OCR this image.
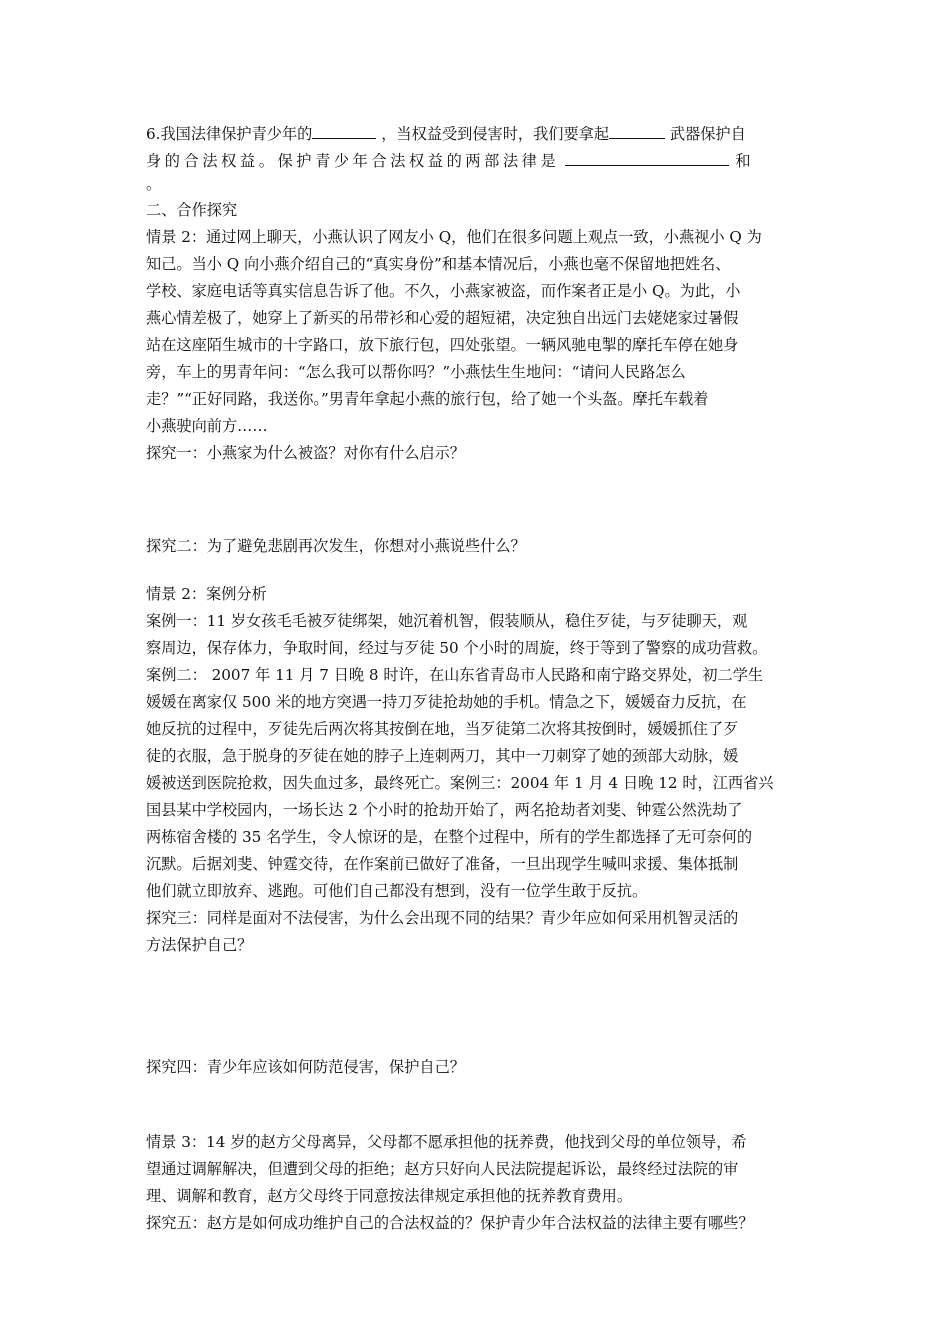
6.我国法律保护青少年的	，当权益受到侵害时，我们要拿起	武器保护自
身的合法权益。保护青少年合法权益的两部法律是	和
。
二、合作探究
情景 2：通过网上聊天，小燕认识了网友小 Q，他们在很多问题上观点一致，小燕视小 Q 为
知己。当小 Q 向小燕介绍自己的“真实身份”和基本情况后，小燕也毫不保留地把姓名、
学校、家庭电话等真实信息告诉了他。不久，小燕家被盗，而作案者正是小 Q。为此，小
燕心情差极了，她穿上了新买的吊带衫和心爱的超短裙，决定独自出远门去姥姥家过暑假
站在这座陌生城市的十字路口，放下旅行包，四处张望。一辆风驰电掣的摩托车停在她身
旁，车上的男青年问：“怎么我可以帮你吗？”小燕怯生生地问：“请问人民路怎么
走？”“正好同路，我送你。”男青年拿起小燕的旅行包，给了她一个头盔。摩托车载着
小燕驶向前方……
探究一：小燕家为什么被盗？对你有什么启示？
探究二：为了避免悲剧再次发生，你想对小燕说些什么？
情景 2：案例分析
案例一：11 岁女孩毛毛被歹徒绑架，她沉着机智，假装顺从，稳住歹徒，与歹徒聊天，观
察周边，保存体力，争取时间，经过与歹徒 50 个小时的周旋，终于等到了警察的成功营救。
案例二： 2007 年 11 月 7 日晚 8 时许，在山东省青岛市人民路和南宁路交界处，初二学生
媛媛在离家仅 500 米的地方突遇一持刀歹徒抢劫她的手机。情急之下，媛媛奋力反抗，在
她反抗的过程中，歹徒先后两次将其按倒在地，当歹徒第二次将其按倒时，媛媛抓住了歹
徒的衣服，急于脱身的歹徒在她的脖子上连刺两刀，其中一刀刺穿了她的颈部大动脉，媛
媛被送到医院抢救，因失血过多，最终死亡。案例三：2004 年 1 月 4 日晚 12 时，江西省兴
国县某中学校园内，一场长达 2 个小时的抢劫开始了，两名抢劫者刘斐、钟霆公然洗劫了
两栋宿舍楼的 35 名学生，令人惊讶的是，在整个过程中，所有的学生都选择了无可奈何的
沉默。后据刘斐、钟霆交待，在作案前已做好了准备，一旦出现学生喊叫求援、集体抵制
他们就立即放弃、逃跑。可他们自己都没有想到，没有一位学生敢于反抗。
探究三：同样是面对不法侵害，为什么会出现不同的结果？青少年应如何采用机智灵活的
方法保护自己？
探究四：青少年应该如何防范侵害，保护自己？
情景 3：14 岁的赵方父母离异，父母都不愿承担他的抚养费，他找到父母的单位领导，希
望通过调解解决，但遭到父母的拒绝；赵方只好向人民法院提起诉讼，最终经过法院的审
理、调解和教育，赵方父母终于同意按法律规定承担他的抚养教育费用。
探究五：赵方是如何成功维护自己的合法权益的？保护青少年合法权益的法律主要有哪些？
